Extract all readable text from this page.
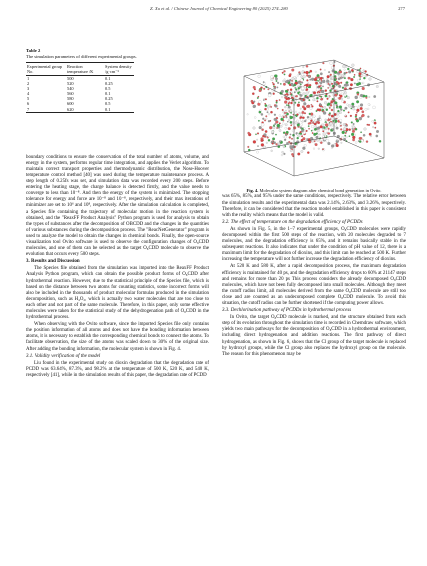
Z. Xu et al. / Chinese Journal of Chemical Engineering 80 (2025) 274–280	277

Table 2

The simulation parameters of different experimental groups.

Experimental group No.	Reaction temperature /K	System density /g·cm⁻³
1	500	0.1
2	520	0.25
3	540	0.5
4	560	0.1
5	580	0.25
6	600	0.5
7	620	0.1

boundary conditions to ensure the conservation of the total number of atoms, volume, and energy in the system, performs regular time integration, and applies the Verlet algorithm. To maintain correct transport properties and thermodynamic distribution, the Nose-Hoover temperature control method [40] was used during the temperature maintenance process. A step length of 0.25fs was set, and simulation data was recorded every 200 steps. Before entering the heating stage, the charge balance is detected firstly, and the value needs to converge to less than 10⁻⁸. And then the energy of the system is minimized. The stopping tolerance for energy and force are 10⁻⁸ and 10⁻⁸, respectively, and their max iterations of minimizer are set to 10⁶ and 10⁸, respectively. After the simulation calculation is completed, a Species file containing the trajectory of molecular motion in the reaction system is obtained, and the "ReaxFF Product Analysis" Python program is used for analysis to obtain the types of substances after the decomposition of OBCDD and the changes in the quantities of various substances during the decomposition process. The "ReacNetGenerator" program is used to analyze the model to obtain the changes in chemical bonds. Finally, the open-source visualization tool Ovito software is used to observe the configuration changes of O₈CDD molecules, and one of them can be selected as the target O₈CDD molecule to observe the evolution that occurs every 500 steps.

3. Results and Discussion

The Species file obtained from the simulation was imported into the ReaxFF Product Analysis Python program, which can obtain the possible product forms of O₈CDD after hydrothermal reaction. However, due to the statistical principle of the Species file, which is based on the distance between two atoms for counting statistics, some incorrect forms will also be included in the thousands of product molecular formulas produced in the simulation decomposition, such as H₄O₂, which is actually two water molecules that are too close to each other and not part of the same molecule. Therefore, in this paper, only some effective molecules were taken for the statistical study of the dehydrogenation path of O₈CDD in the hydrothermal process.

When observing with the Ovito software, since the imported Species file only contains the position information of all atoms and does not have the bonding information between atoms, it is necessary to establish the corresponding chemical bonds to connect the atoms. To facilitate observation, the size of the atoms was scaled down to 30% of the original size. After adding the bonding information, the molecular system is shown in Fig. 4.

3.1. Validity verification of the model

Liu found in the experimental study on dioxin degradation that the degradation rate of PCDD was 63.64%, 87.3%, and 98.2% at the temperature of 500 K, 520 K, and 540 K, respectively [41], while in the simulation results of this paper, the degradation rate of PCDD

Fig. 4. Molecular system diagram after chemical bond generation in Ovito.

was 65%, 85%, and 95% under the same conditions, respectively. The relative error between the simulation results and the experimental data was 2.14%, 2.63%, and 3.26%, respectively. Therefore, it can be considered that the reaction model established in this paper is consistent with the reality which means that the model is valid.

3.2. The effect of temperature on the degradation efficiency of PCDDs

As shown in Fig. 5, in the 1–7 experimental groups, O₈CDD molecules were rapidly decomposed within the first 500 steps of the reaction, with 20 molecules degraded to 7 molecules, and the degradation efficiency is 65%, and it remains basically stable in the subsequent reactions. It also indicates that under the condition of pH value of 12, there is a maximum limit for the degradation of dioxins, and this limit can be reached at 500 K. Further increasing the temperature will not further increase the degradation efficiency of dioxins.

At 520 K and 580 K, after a rapid decomposition process, the maximum degradation efficiency is maintained for 40 ps, and the degradation efficiency drops to 60% at 21147 steps and remains for more than 20 ps This process considers the already decomposed O₈CDD molecules, which have not been fully decomposed into small molecules. Although they meet the cutoff radius limit, all molecules derived from the same O₈CDD molecule are still too close and are counted as an undecomposed complete O₈CDD molecule. To avoid this situation, the cutoff radius can be further shortened if the computing power allows.

3.3. Dechlorination pathway of PCDDs in hydrothermal process

In Ovito, the target O₈CDD molecule is marked, and the structure obtained from each step of its evolution throughout the simulation time is recorded in Chemdraw software, which yields two main pathways for the decomposition of O₈CDD in a hydrothermal environment, including direct hydrogenation and addition reactions. The first pathway of direct hydrogenation, as shown in Fig. 6, shows that the Cl group of the target molecule is replaced by hydroxyl groups, while the Cl group also replaces the hydroxyl group on the molecule. The reason for this phenomenon may be
